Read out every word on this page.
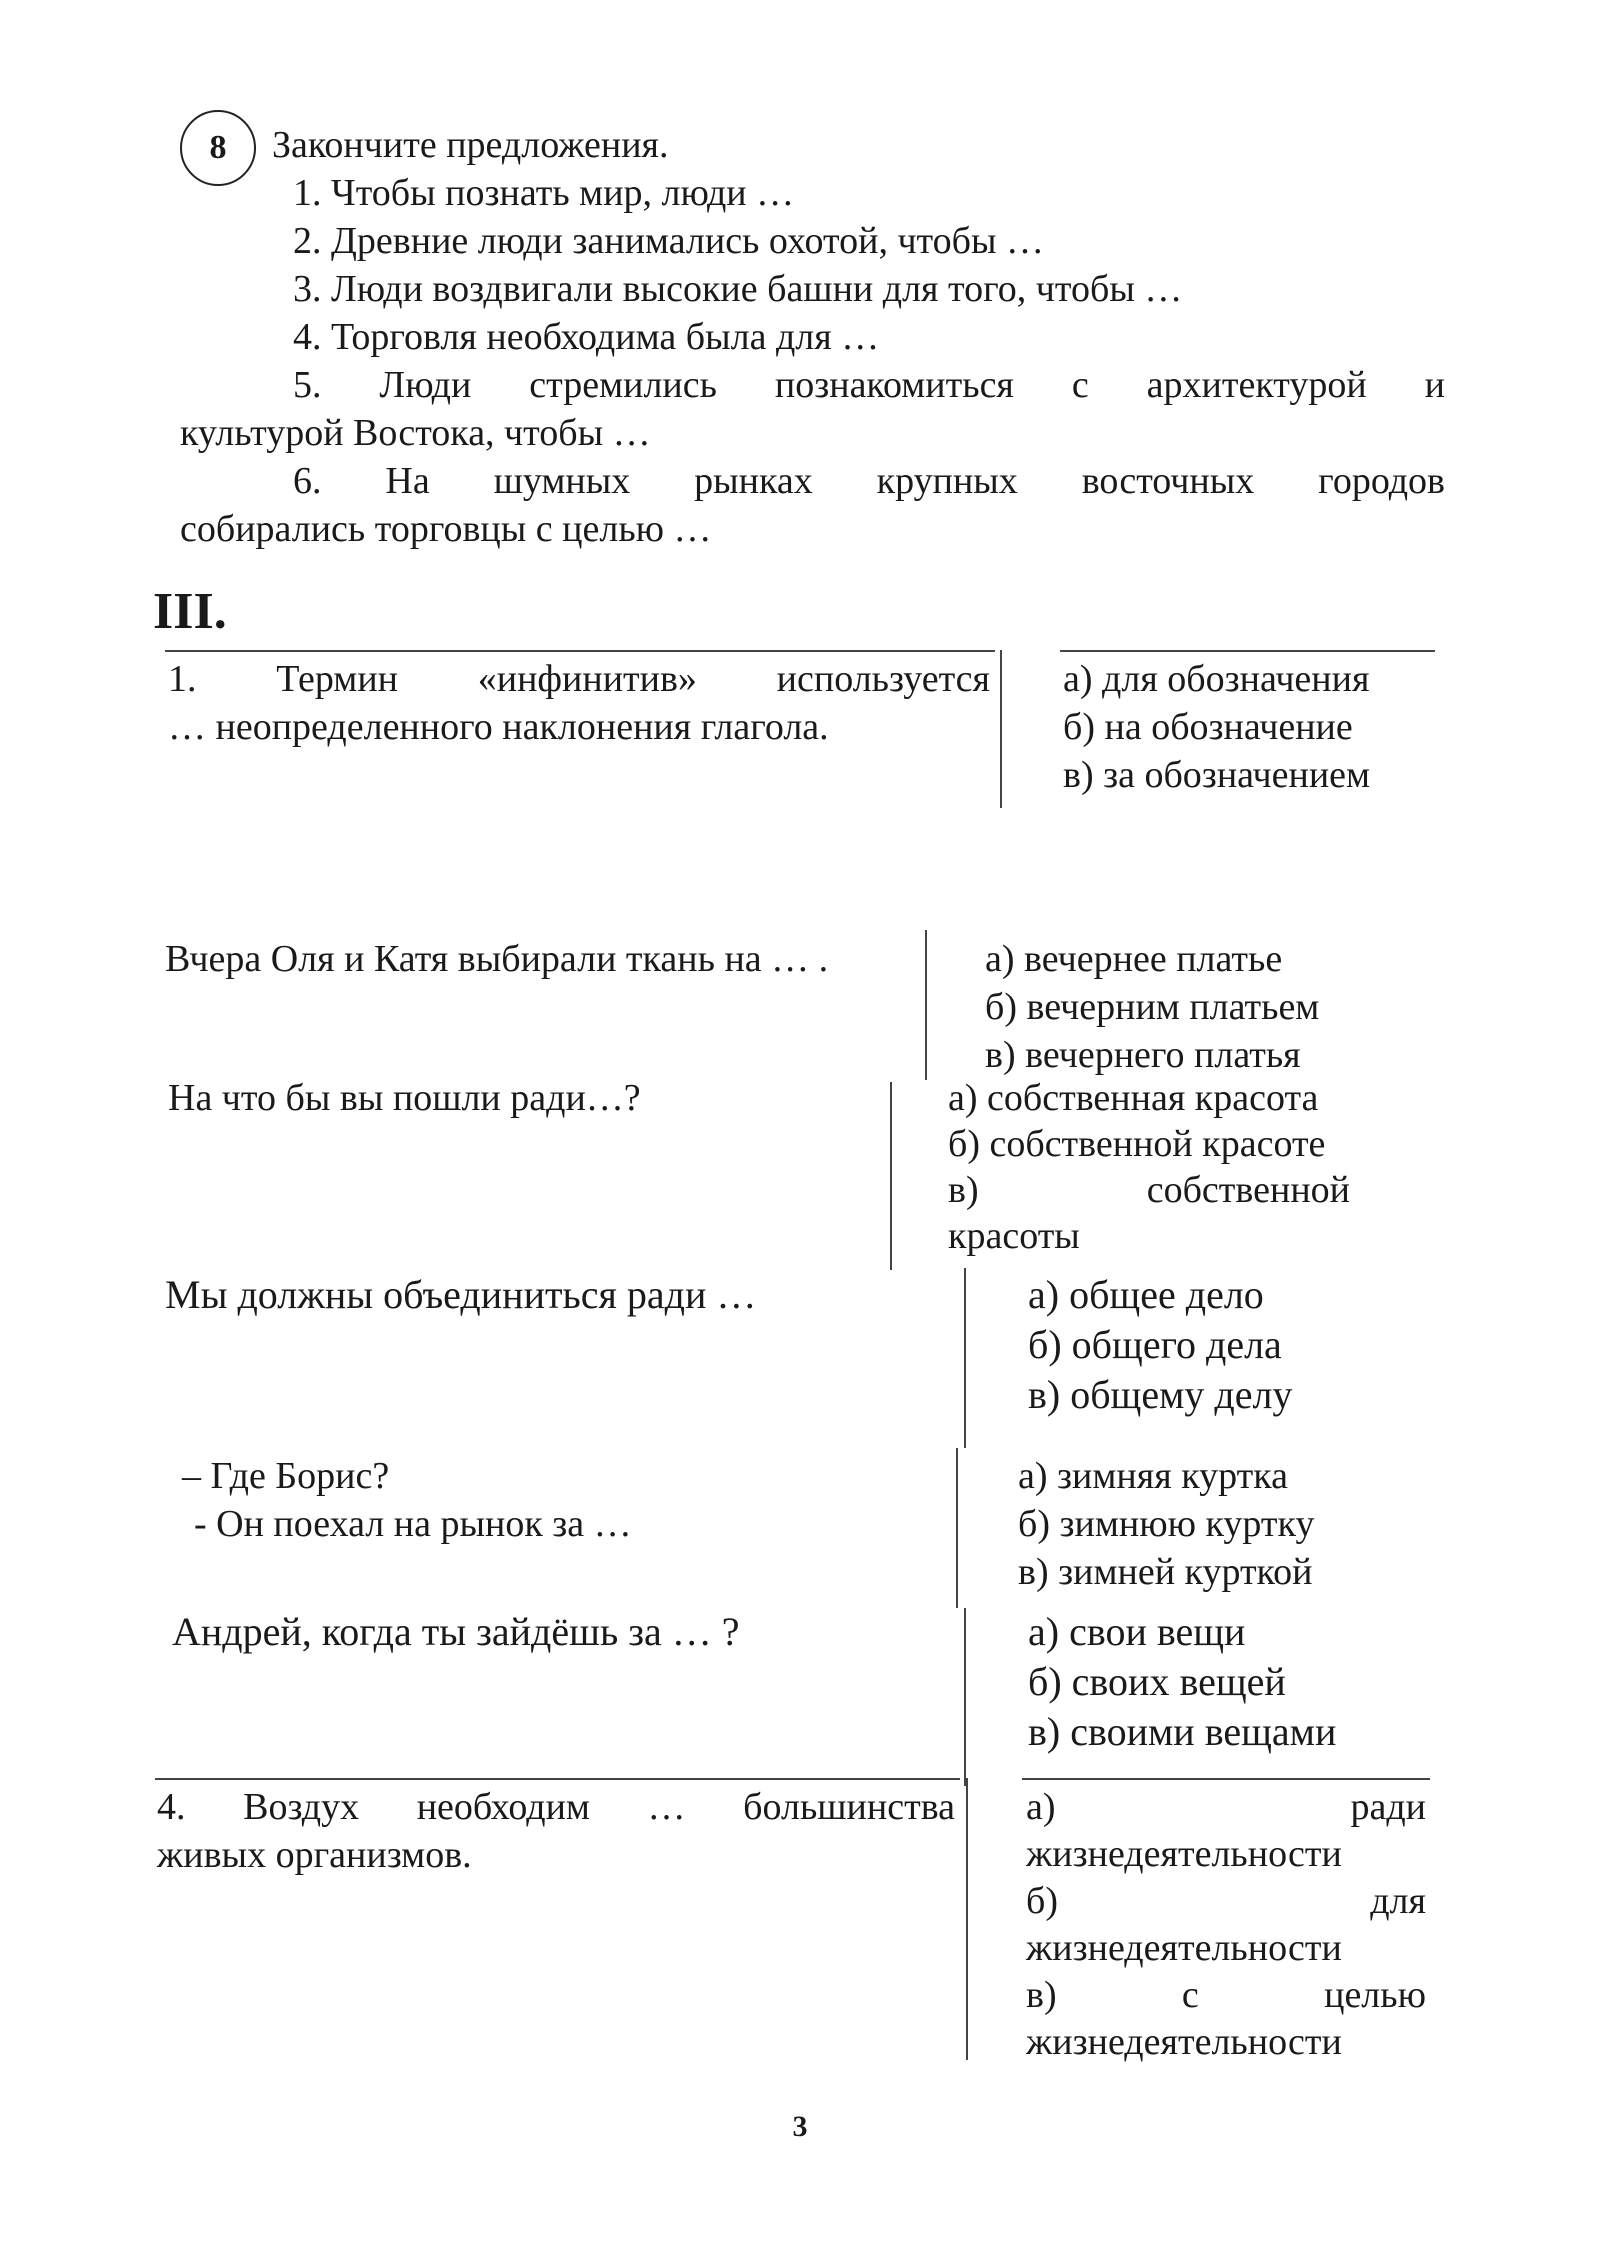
8 Закончите предложения.
1. Чтобы познать мир, люди …
2. Древние люди занимались охотой, чтобы …
3. Люди воздвигали высокие башни для того, чтобы …
4. Торговля необходима была для …
5. Люди стремились познакомиться с архитектурой и
культурой Востока, чтобы …
6. На шумных рынках крупных восточных городов
собирались торговцы с целью …
III.
1. Термин «инфинитив» используется
… неопределенного наклонения глагола.
а) для обозначения
б) на обозначение
в) за обозначением
Вчера Оля и Катя выбирали ткань на … .	а) вечернее платье
б) вечерним платьем
в) вечернего платья
На что бы вы пошли ради…?	а) собственная красота
б) собственной красоте
в) собственной
красоты
Мы должны объединиться ради …	а) общее дело
б) общего дела
в) общему делу
– Где Борис?
- Он поехал на рынок за …
а) зимняя куртка
б) зимнюю куртку
в) зимней курткой
Андрей, когда ты зайдёшь за … ?	а) свои вещи
б) своих вещей
в) своими вещами
4. Воздух необходим … большинства
живых организмов.
а) ради
жизнедеятельности
б) для
жизнедеятельности
в) с целью
жизнедеятельности
3
